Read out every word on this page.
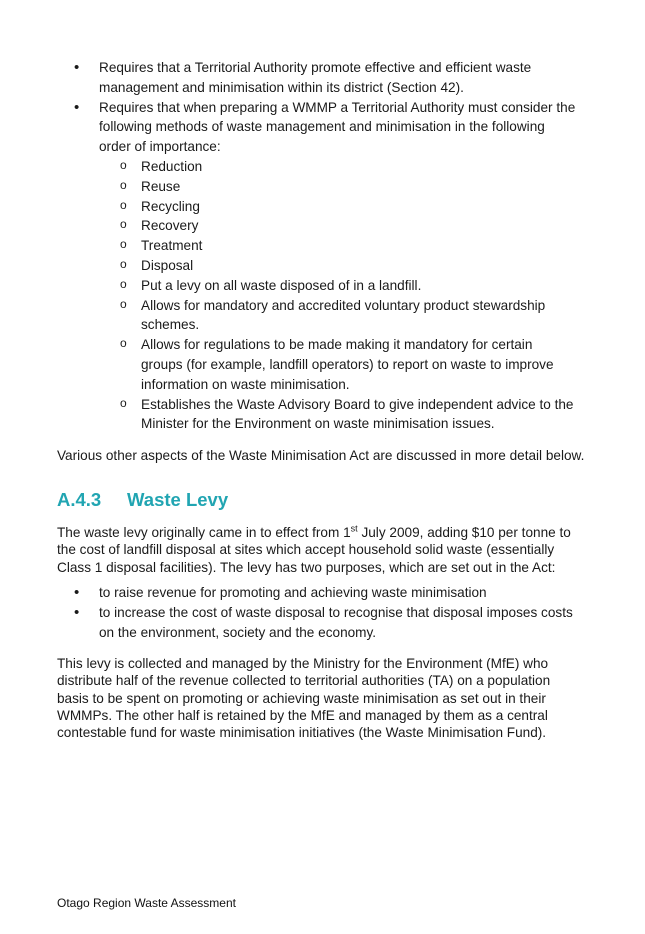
• Requires that a Territorial Authority promote effective and efficient waste management and minimisation within its district (Section 42).
• Requires that when preparing a WMMP a Territorial Authority must consider the following methods of waste management and minimisation in the following order of importance:
o Reduction
o Reuse
o Recycling
o Recovery
o Treatment
o Disposal
o Put a levy on all waste disposed of in a landfill.
o Allows for mandatory and accredited voluntary product stewardship schemes.
o Allows for regulations to be made making it mandatory for certain groups (for example, landfill operators) to report on waste to improve information on waste minimisation.
o Establishes the Waste Advisory Board to give independent advice to the Minister for the Environment on waste minimisation issues.

Various other aspects of the Waste Minimisation Act are discussed in more detail below.

A.4.3 Waste Levy

The waste levy originally came in to effect from 1st July 2009, adding $10 per tonne to the cost of landfill disposal at sites which accept household solid waste (essentially Class 1 disposal facilities). The levy has two purposes, which are set out in the Act:

• to raise revenue for promoting and achieving waste minimisation
• to increase the cost of waste disposal to recognise that disposal imposes costs on the environment, society and the economy.

This levy is collected and managed by the Ministry for the Environment (MfE) who distribute half of the revenue collected to territorial authorities (TA) on a population basis to be spent on promoting or achieving waste minimisation as set out in their WMMPs. The other half is retained by the MfE and managed by them as a central contestable fund for waste minimisation initiatives (the Waste Minimisation Fund).

Otago Region Waste Assessment
